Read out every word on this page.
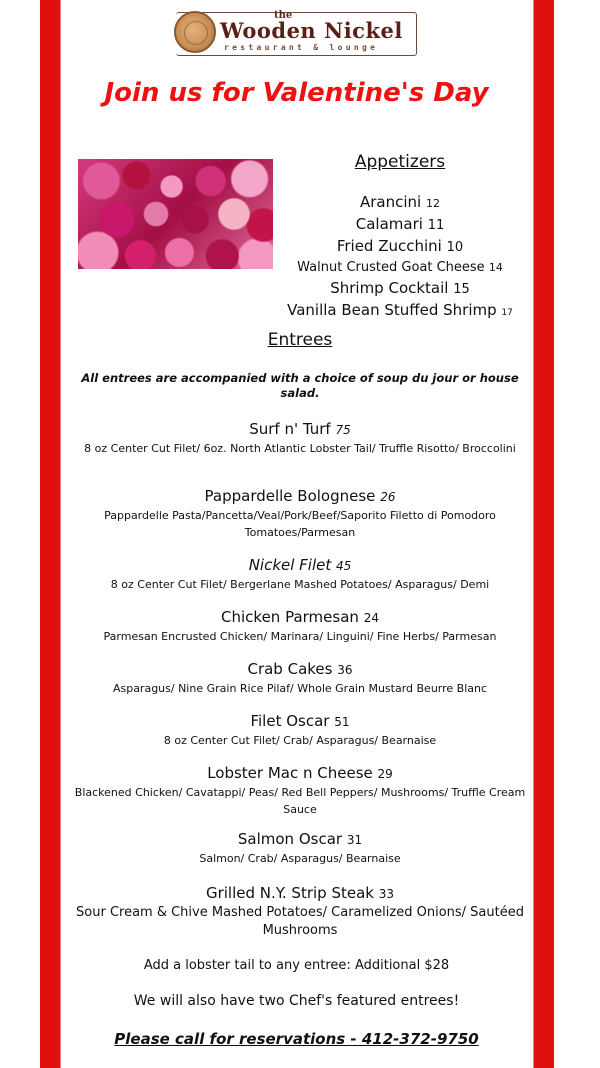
the
Wooden Nickel
restaurant & lounge
Join us for Valentine's Day
Appetizers
Arancini 12
Calamari 11
Fried Zucchini 10
Walnut Crusted Goat Cheese 14
Shrimp Cocktail 15
Vanilla Bean Stuffed Shrimp 17
Entrees
All entrees are accompanied with a choice of soup du jour or house salad.
Surf n' Turf 75
8 oz Center Cut Filet/ 6oz. North Atlantic Lobster Tail/ Truffle Risotto/ Broccolini
Pappardelle Bolognese 26
Pappardelle Pasta/Pancetta/Veal/Pork/Beef/Saporito Filetto di Pomodoro Tomatoes/Parmesan
Nickel Filet 45
8 oz Center Cut Filet/ Bergerlane Mashed Potatoes/ Asparagus/ Demi
Chicken Parmesan 24
Parmesan Encrusted Chicken/ Marinara/ Linguini/ Fine Herbs/ Parmesan
Crab Cakes 36
Asparagus/ Nine Grain Rice Pilaf/ Whole Grain Mustard Beurre Blanc
Filet Oscar 51
8 oz Center Cut Filet/ Crab/ Asparagus/ Bearnaise
Lobster Mac n Cheese 29
Blackened Chicken/ Cavatappi/ Peas/ Red Bell Peppers/ Mushrooms/ Truffle Cream Sauce
Salmon Oscar 31
Salmon/ Crab/ Asparagus/ Bearnaise
Grilled N.Y. Strip Steak 33
Sour Cream & Chive Mashed Potatoes/ Caramelized Onions/ Sautéed Mushrooms
Add a lobster tail to any entree: Additional $28
We will also have two Chef's featured entrees!
Please call for reservations - 412-372-9750
